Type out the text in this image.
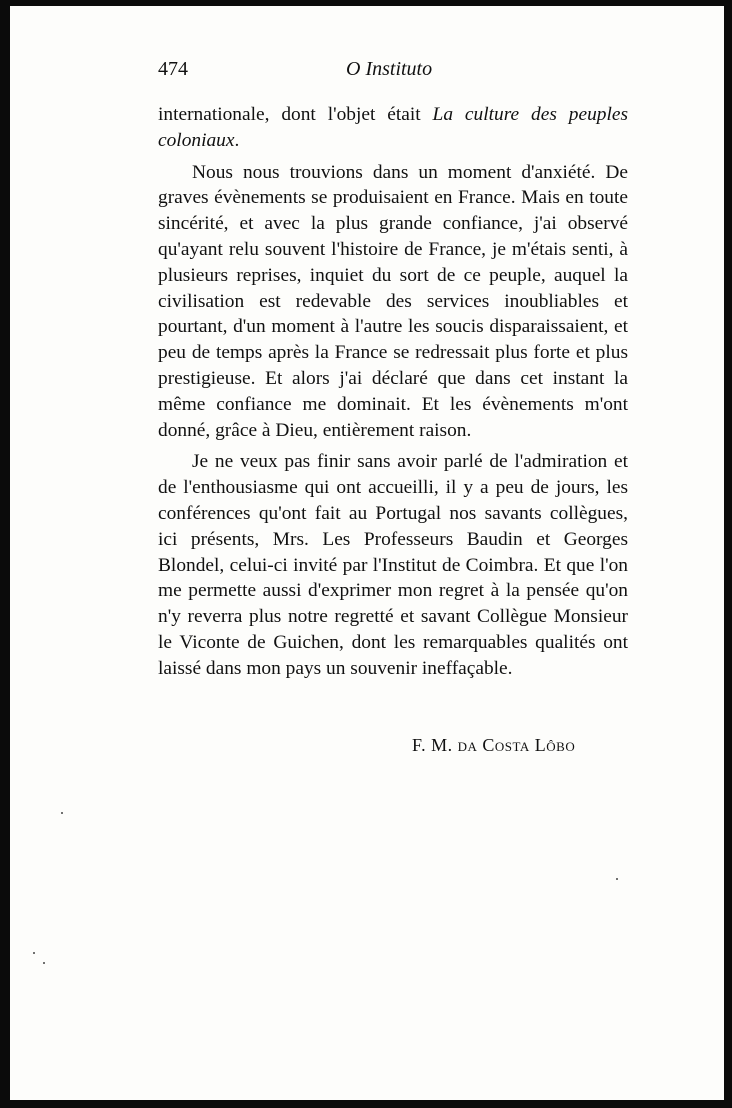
474	O Instituto

internationale, dont l'objet était La culture des peuples coloniaux.

Nous nous trouvions dans un moment d'anxiété. De graves évènements se produisaient en France. Mais en toute sincérité, et avec la plus grande confiance, j'ai observé qu'ayant relu souvent l'histoire de France, je m'étais senti, à plusieurs reprises, inquiet du sort de ce peuple, auquel la civilisation est redevable des services inoubliables et pourtant, d'un moment à l'autre les soucis disparaissaient, et peu de temps après la France se redressait plus forte et plus prestigieuse. Et alors j'ai déclaré que dans cet instant la même confiance me dominait. Et les évènements m'ont donné, grâce à Dieu, entièrement raison.

Je ne veux pas finir sans avoir parlé de l'admiration et de l'enthousiasme qui ont accueilli, il y a peu de jours, les conférences qu'ont fait au Portugal nos savants collègues, ici présents, Mrs. Les Professeurs Baudin et Georges Blondel, celui-ci invité par l'Institut de Coimbra. Et que l'on me permette aussi d'exprimer mon regret à la pensée qu'on n'y reverra plus notre regretté et savant Collègue Monsieur le Viconte de Guichen, dont les remarquables qualités ont laissé dans mon pays un souvenir ineffaçable.

F. M. da Costa Lôbo
